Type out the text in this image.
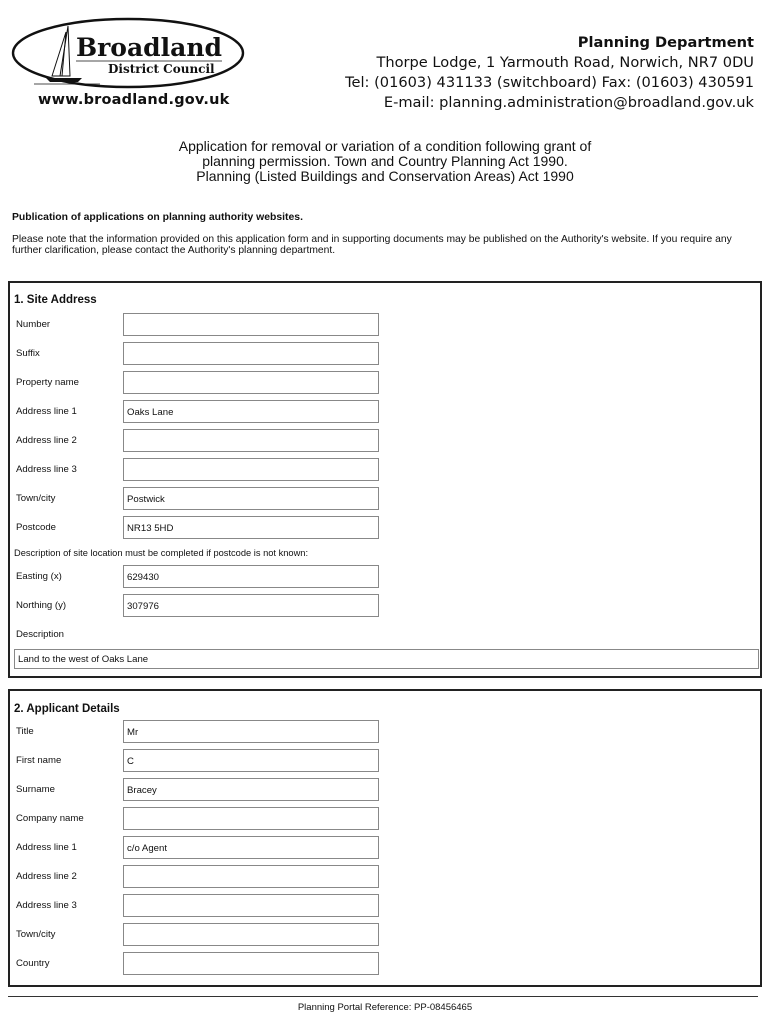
Broadland
District Council
www.broadland.gov.uk
Planning Department
Thorpe Lodge, 1 Yarmouth Road, Norwich, NR7 0DU
Tel: (01603) 431133 (switchboard) Fax: (01603) 430591
E-mail: planning.administration@broadland.gov.uk
Application for removal or variation of a condition following grant of
planning permission. Town and Country Planning Act 1990.
Planning (Listed Buildings and Conservation Areas) Act 1990
Publication of applications on planning authority websites.
Please note that the information provided on this application form and in supporting documents may be published on the Authority's website. If you require any further clarification, please contact the Authority's planning department.
1. Site Address
Number
Suffix
Property name
Address line 1	Oaks Lane
Address line 2
Address line 3
Town/city	Postwick
Postcode	NR13 5HD
Description of site location must be completed if postcode is not known:
Easting (x)	629430
Northing (y)	307976
Description
Land to the west of Oaks Lane
2. Applicant Details
Title	Mr
First name	C
Surname	Bracey
Company name
Address line 1	c/o Agent
Address line 2
Address line 3
Town/city
Country
Planning Portal Reference: PP-08456465
